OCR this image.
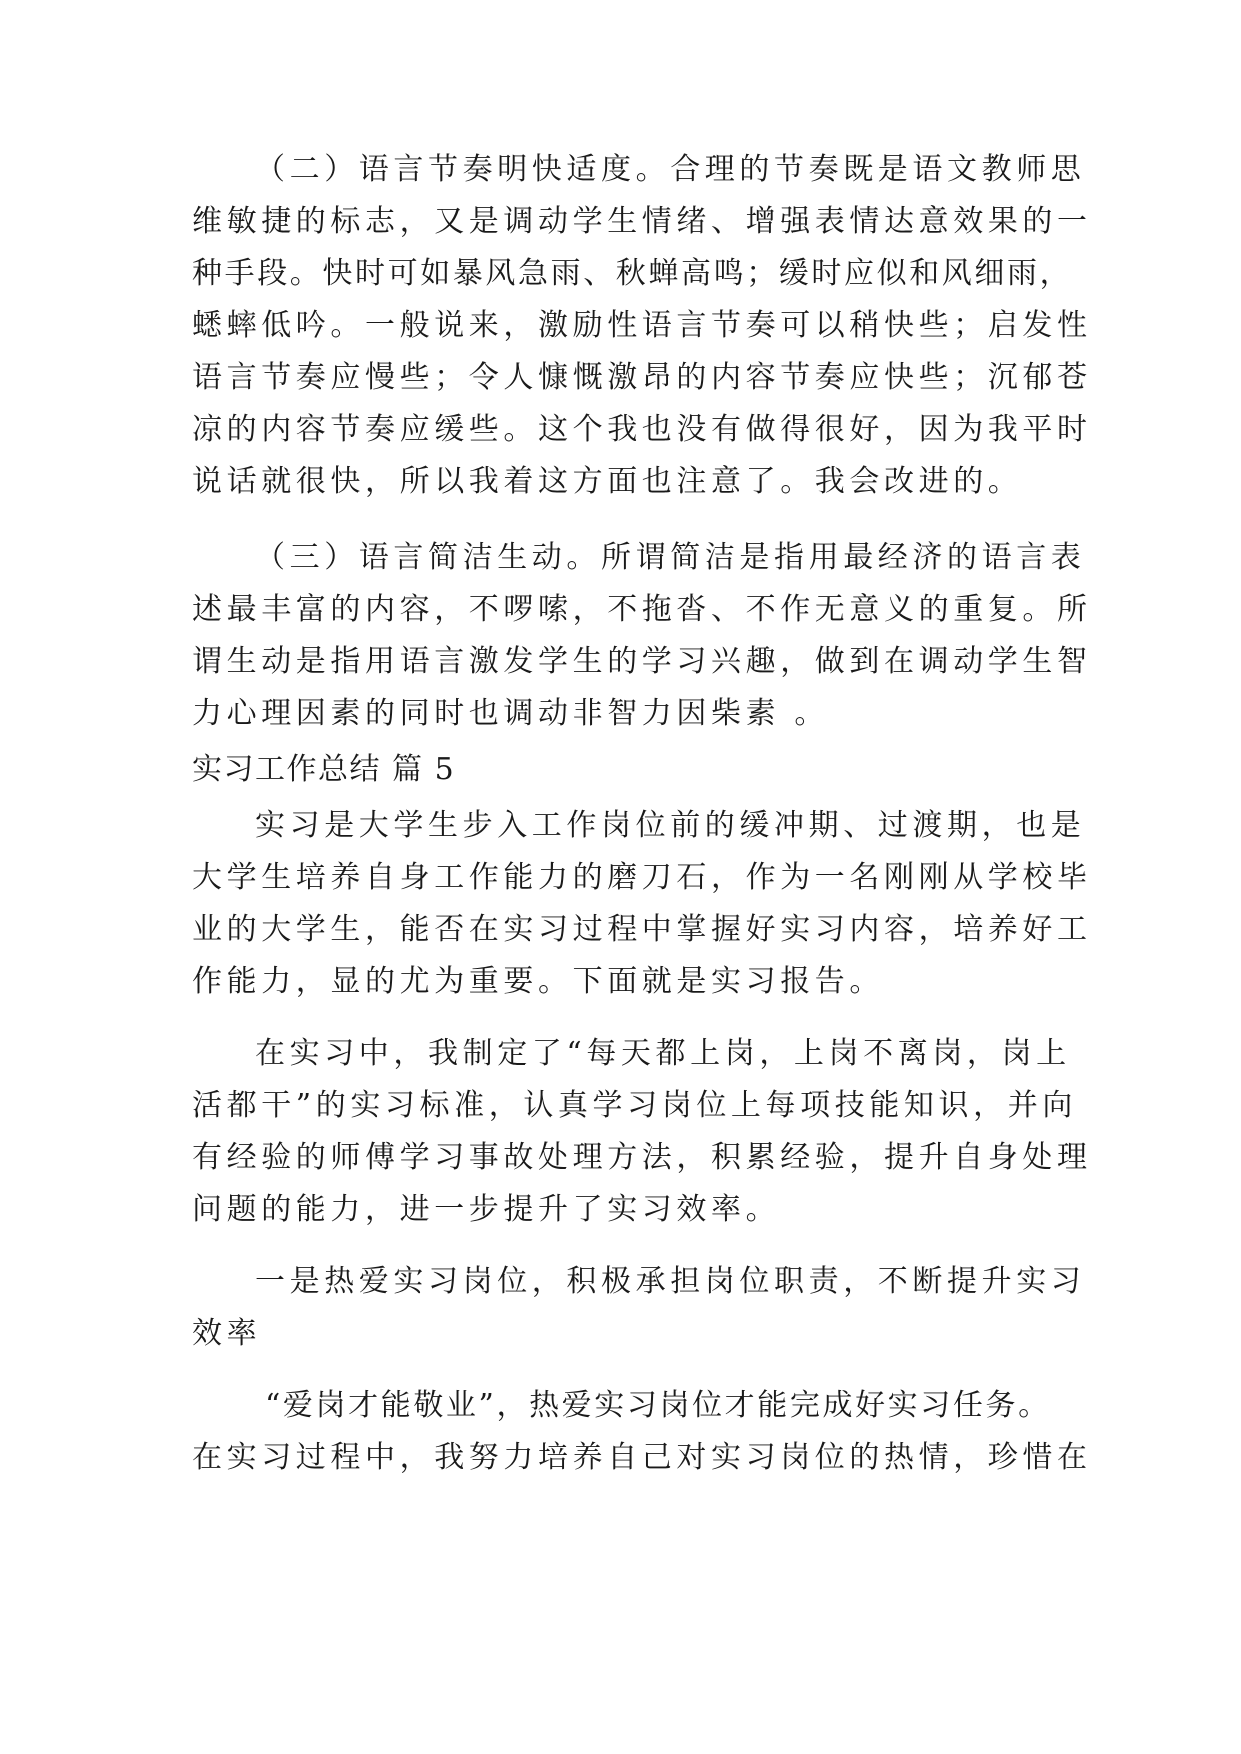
（二）语言节奏明快适度。合理的节奏既是语文教师思
维敏捷的标志，又是调动学生情绪、增强表情达意效果的一
种手段。快时可如暴风急雨、秋蝉高鸣；缓时应似和风细雨，
蟋蟀低吟。一般说来，激励性语言节奏可以稍快些；启发性
语言节奏应慢些；令人慷慨激昂的内容节奏应快些；沉郁苍
凉的内容节奏应缓些。这个我也没有做得很好，因为我平时
说话就很快，所以我着这方面也注意了。我会改进的。
（三）语言简洁生动。所谓简洁是指用最经济的语言表
述最丰富的内容，不啰嗦，不拖沓、不作无意义的重复。所
谓生动是指用语言激发学生的学习兴趣，做到在调动学生智
力心理因素的同时也调动非智力因柴素 。
实习工作总结 篇 5
实习是大学生步入工作岗位前的缓冲期、过渡期，也是
大学生培养自身工作能力的磨刀石，作为一名刚刚从学校毕
业的大学生，能否在实习过程中掌握好实习内容，培养好工
作能力，显的尤为重要。下面就是实习报告。
在实习中，我制定了“每天都上岗，上岗不离岗，岗上
活都干”的实习标准，认真学习岗位上每项技能知识，并向
有经验的师傅学习事故处理方法，积累经验，提升自身处理
问题的能力，进一步提升了实习效率。
一是热爱实习岗位，积极承担岗位职责，不断提升实习
效率
“爱岗才能敬业”，热爱实习岗位才能完成好实习任务。
在实习过程中，我努力培养自己对实习岗位的热情，珍惜在
